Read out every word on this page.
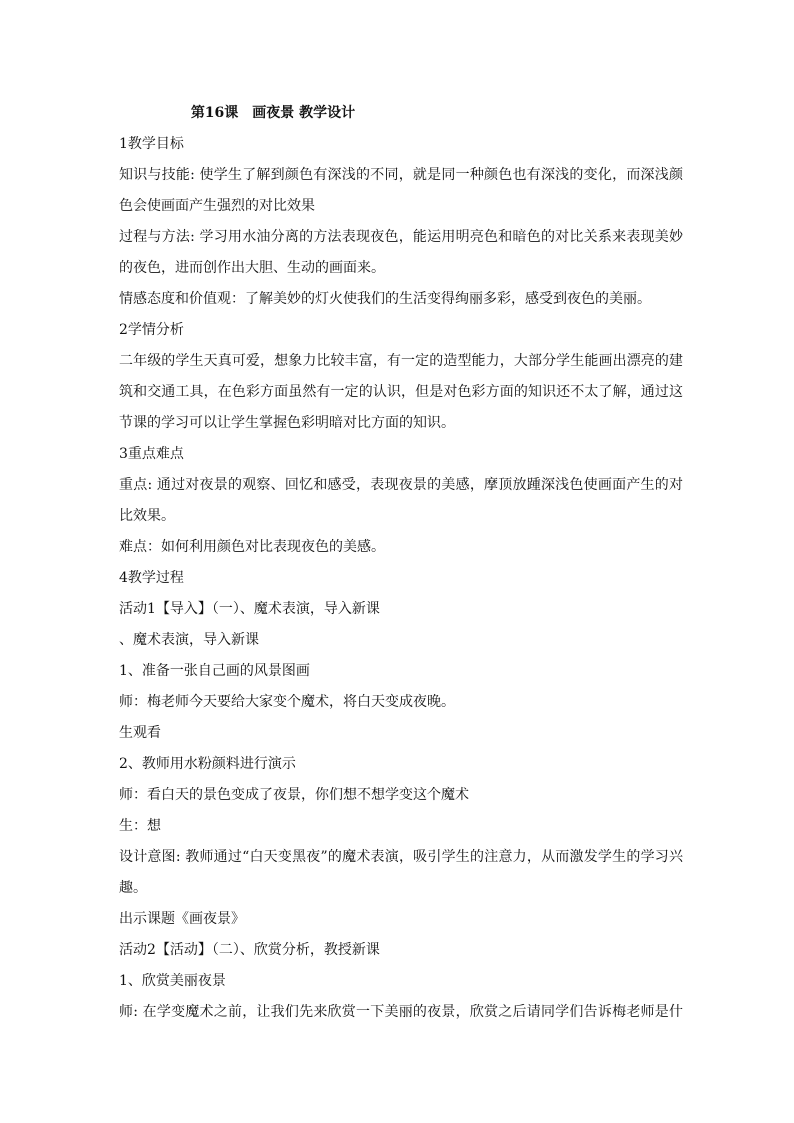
第16课　画夜景 教学设计
1教学目标
知识与技能: 使学生了解到颜色有深浅的不同，就是同一种颜色也有深浅的变化，而深浅颜
色会使画面产生强烈的对比效果
过程与方法: 学习用水油分离的方法表现夜色，能运用明亮色和暗色的对比关系来表现美妙
的夜色，进而创作出大胆、生动的画面来。
情感态度和价值观：了解美妙的灯火使我们的生活变得绚丽多彩，感受到夜色的美丽。
2学情分析
二年级的学生天真可爱，想象力比较丰富，有一定的造型能力，大部分学生能画出漂亮的建
筑和交通工具，在色彩方面虽然有一定的认识，但是对色彩方面的知识还不太了解，通过这
节课的学习可以让学生掌握色彩明暗对比方面的知识。
3重点难点
重点: 通过对夜景的观察、回忆和感受，表现夜景的美感，摩顶放踵深浅色使画面产生的对
比效果。
难点：如何利用颜色对比表现夜色的美感。
4教学过程
活动1【导入】（一）、魔术表演，导入新课
、魔术表演，导入新课
1、准备一张自己画的风景图画
师：梅老师今天要给大家变个魔术，将白天变成夜晚。
生观看
2、教师用水粉颜料进行演示
师：看白天的景色变成了夜景，你们想不想学变这个魔术
生：想
设计意图: 教师通过“白天变黑夜”的魔术表演，吸引学生的注意力，从而激发学生的学习兴
趣。
出示课题《画夜景》
活动2【活动】（二）、欣赏分析，教授新课
1、欣赏美丽夜景
师: 在学变魔术之前，让我们先来欣赏一下美丽的夜景，欣赏之后请同学们告诉梅老师是什
